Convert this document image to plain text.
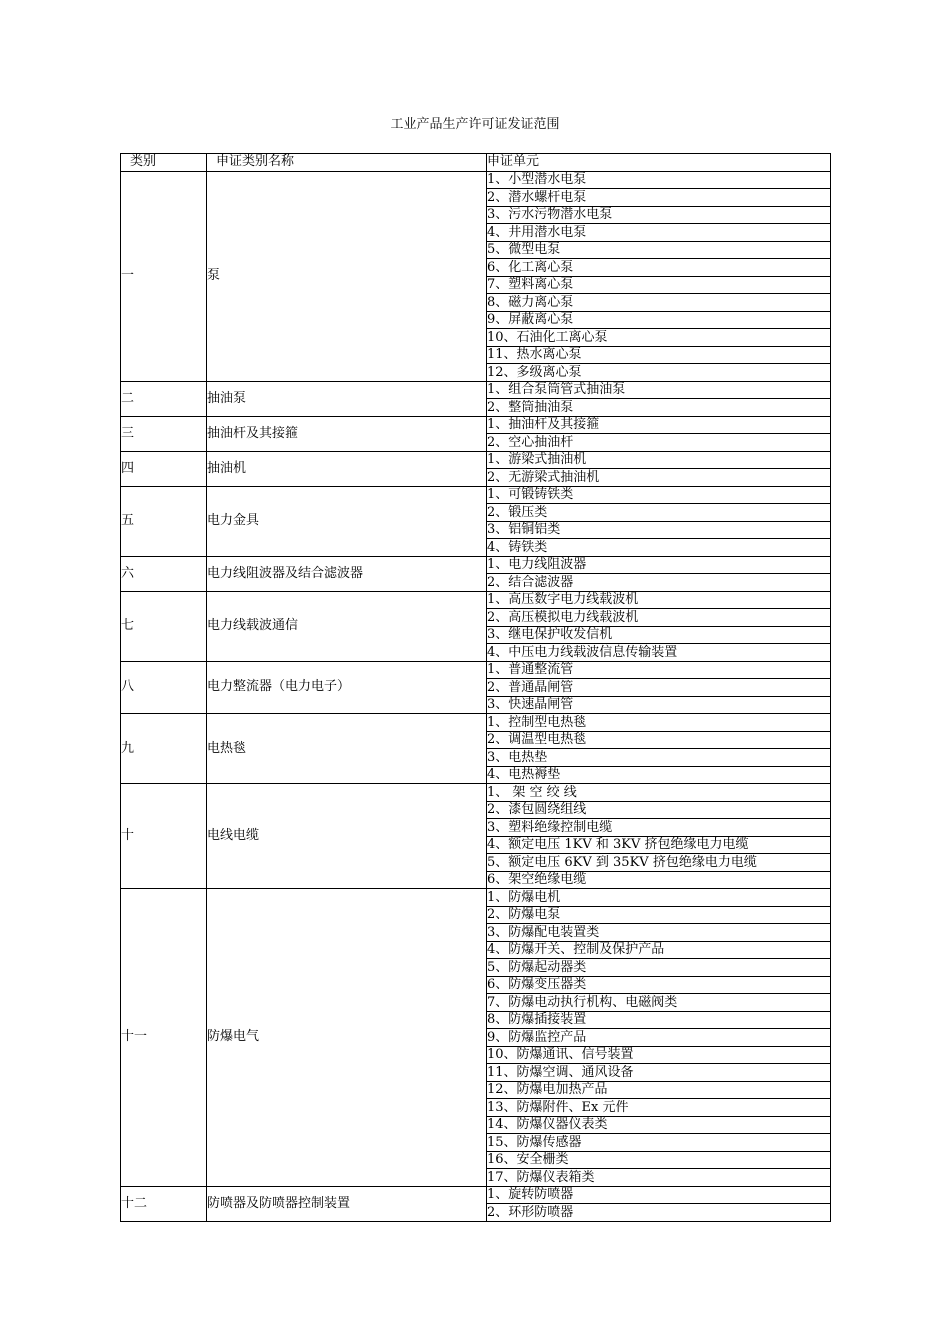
工业产品生产许可证发证范围
类别	申证类别名称	申证单元
一	泵	1、小型潜水电泵
		2、潜水螺杆电泵
		3、污水污物潜水电泵
		4、井用潜水电泵
		5、微型电泵
		6、化工离心泵
		7、塑料离心泵
		8、磁力离心泵
		9、屏蔽离心泵
		10、石油化工离心泵
		11、热水离心泵
		12、多级离心泵
二	抽油泵	1、组合泵筒管式抽油泵
		2、整筒抽油泵
三	抽油杆及其接箍	1、抽油杆及其接箍
		2、空心抽油杆
四	抽油机	1、游梁式抽油机
		2、无游梁式抽油机
五	电力金具	1、可锻铸铁类
		2、锻压类
		3、铝铜铝类
		4、铸铁类
六	电力线阻波器及结合滤波器	1、电力线阻波器
		2、结合滤波器
七	电力线载波通信	1、高压数字电力线载波机
		2、高压模拟电力线载波机
		3、继电保护收发信机
		4、中压电力线载波信息传输装置
八	电力整流器（电力电子）	1、普通整流管
		2、普通晶闸管
		3、快速晶闸管
九	电热毯	1、控制型电热毯
		2、调温型电热毯
		3、电热垫
		4、电热褥垫
十	电线电缆	1、 架 空 绞 线
		2、漆包圆绕组线
		3、塑料绝缘控制电缆
		4、额定电压 1KV 和 3KV 挤包绝缘电力电缆
		5、额定电压 6KV 到 35KV 挤包绝缘电力电缆
		6、架空绝缘电缆
十一	防爆电气	1、防爆电机
		2、防爆电泵
		3、防爆配电装置类
		4、防爆开关、控制及保护产品
		5、防爆起动器类
		6、防爆变压器类
		7、防爆电动执行机构、电磁阀类
		8、防爆插接装置
		9、防爆监控产品
		10、防爆通讯、信号装置
		11、防爆空调、通风设备
		12、防爆电加热产品
		13、防爆附件、Ex 元件
		14、防爆仪器仪表类
		15、防爆传感器
		16、安全栅类
		17、防爆仪表箱类
十二	防喷器及防喷器控制装置	1、旋转防喷器
		2、环形防喷器
